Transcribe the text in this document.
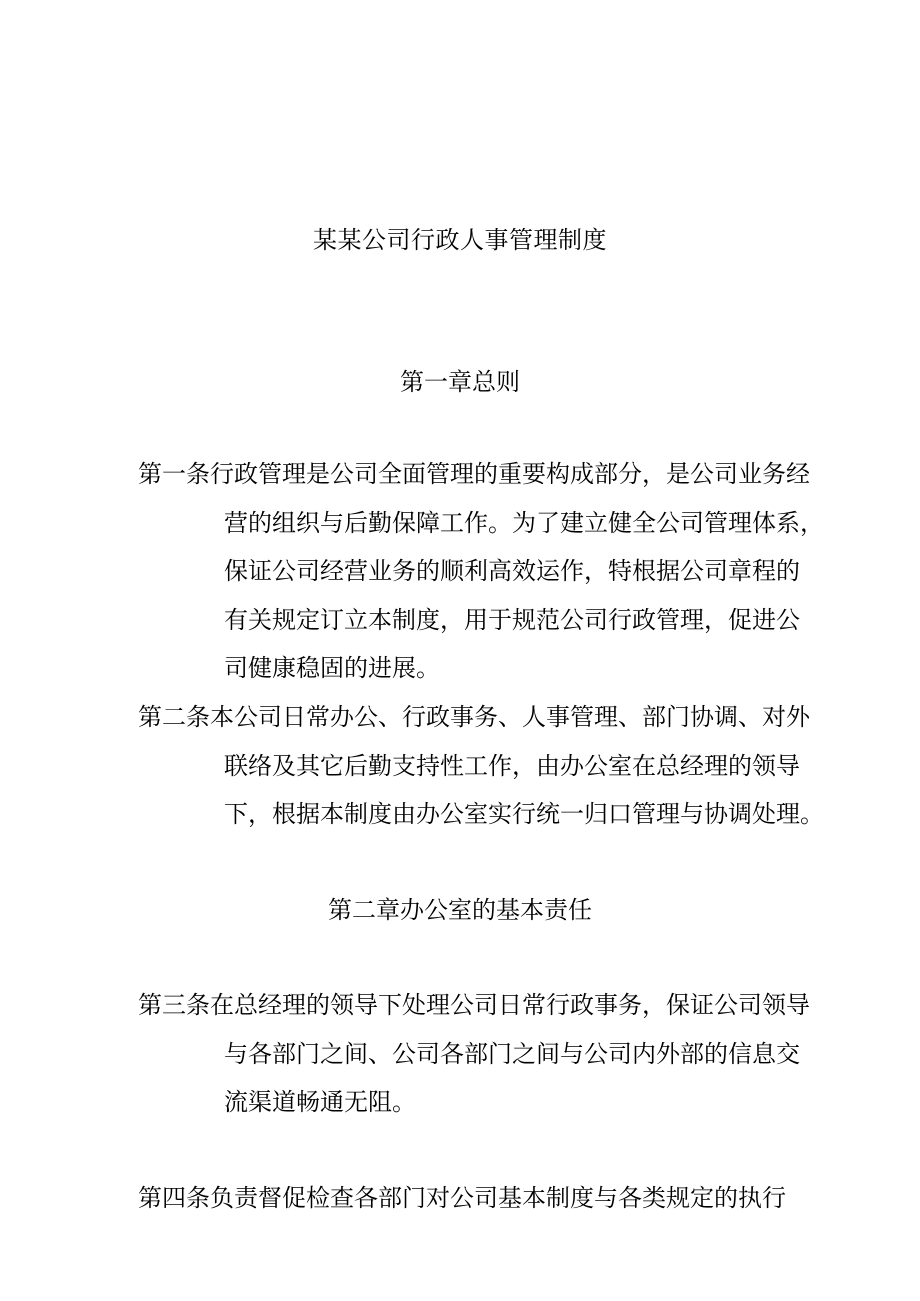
某某公司行政人事管理制度
第一章总则
第一条行政管理是公司全面管理的重要构成部分，是公司业务经
营的组织与后勤保障工作。为了建立健全公司管理体系，
保证公司经营业务的顺利高效运作，特根据公司章程的
有关规定订立本制度，用于规范公司行政管理，促进公
司健康稳固的进展。
第二条本公司日常办公、行政事务、人事管理、部门协调、对外
联络及其它后勤支持性工作，由办公室在总经理的领导
下，根据本制度由办公室实行统一归口管理与协调处理。
第二章办公室的基本责任
第三条在总经理的领导下处理公司日常行政事务，保证公司领导
与各部门之间、公司各部门之间与公司内外部的信息交
流渠道畅通无阻。
第四条负责督促检查各部门对公司基本制度与各类规定的执行
